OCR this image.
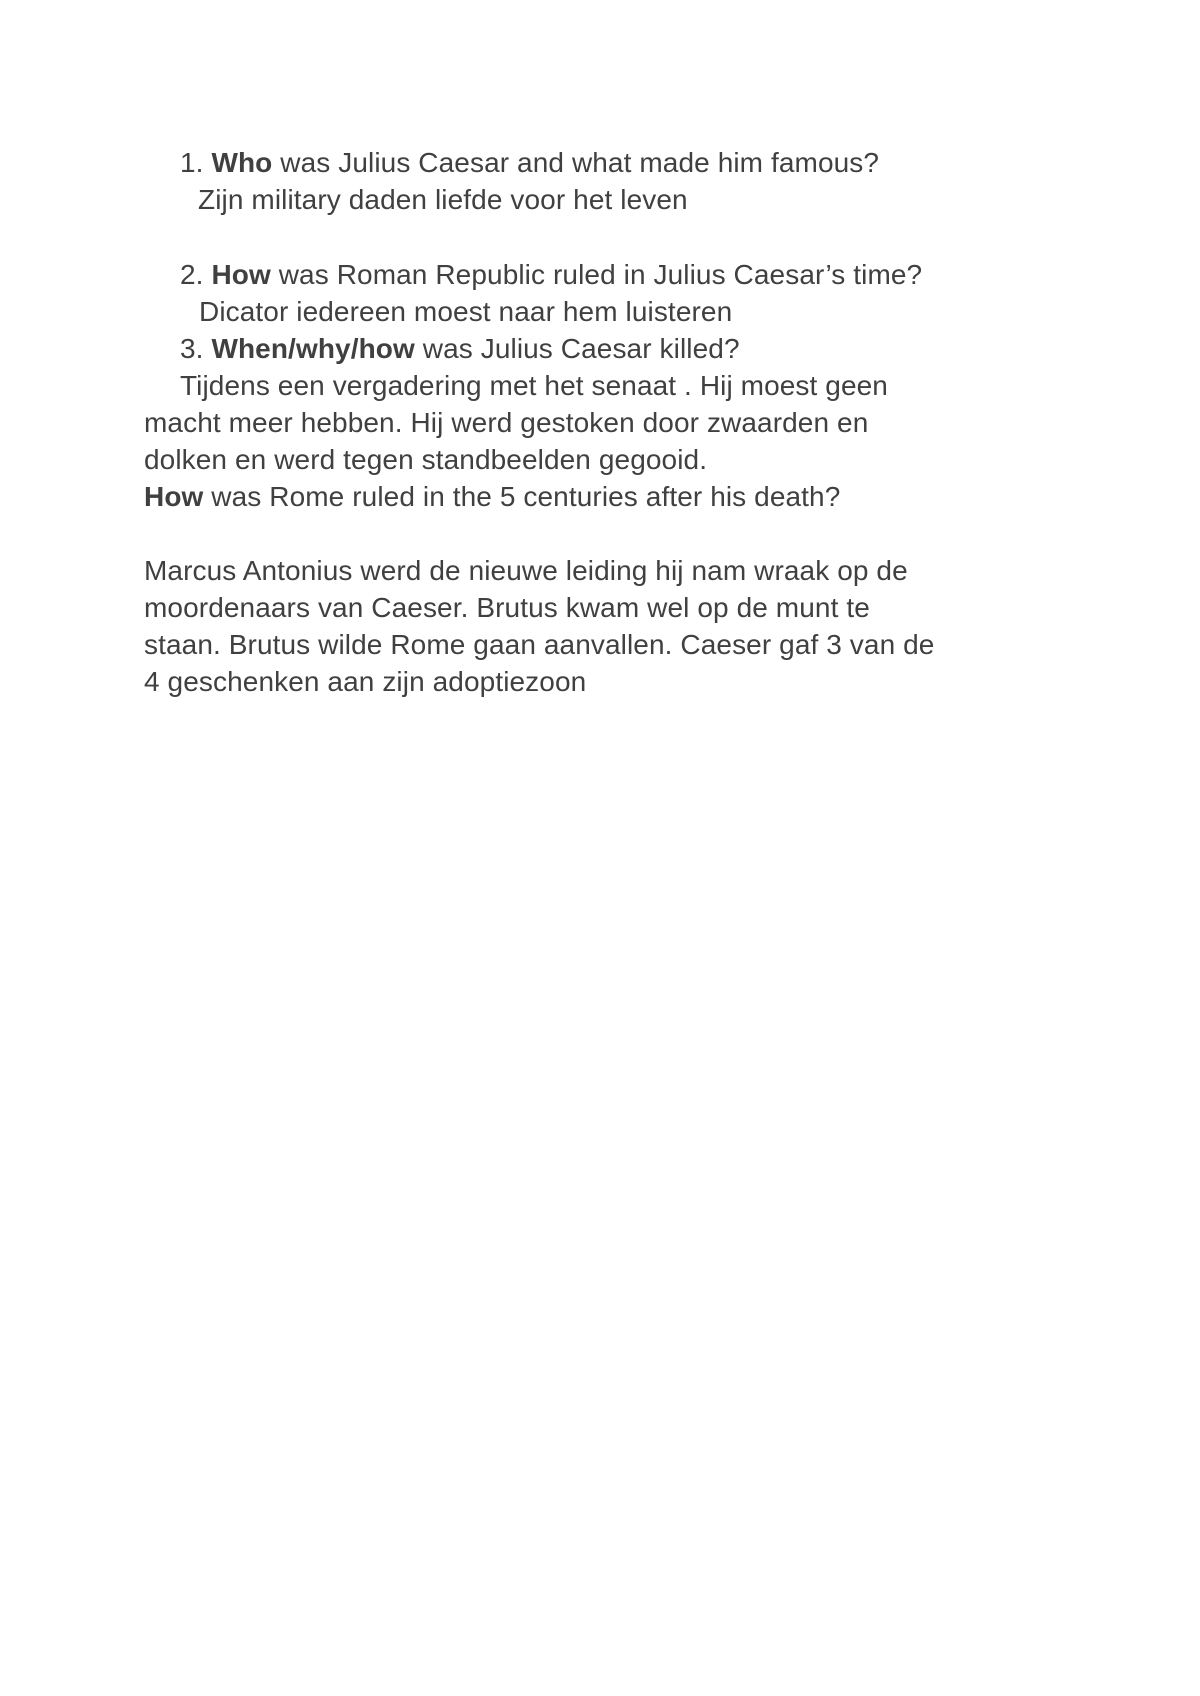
1. Who was Julius Caesar and what made him famous?
Zijn military daden liefde voor het leven
2. How was Roman Republic ruled in Julius Caesar’s time?
Dicator iedereen moest naar hem luisteren
3. When/why/how was Julius Caesar killed?
Tijdens een vergadering met het senaat . Hij moest geen
macht meer hebben. Hij werd gestoken door zwaarden en
dolken en werd tegen standbeelden gegooid.
How was Rome ruled in the 5 centuries after his death?
Marcus Antonius werd de nieuwe leiding hij nam wraak op de
moordenaars van Caeser. Brutus kwam wel op de munt te
staan. Brutus wilde Rome gaan aanvallen. Caeser gaf 3 van de
4 geschenken aan zijn adoptiezoon
